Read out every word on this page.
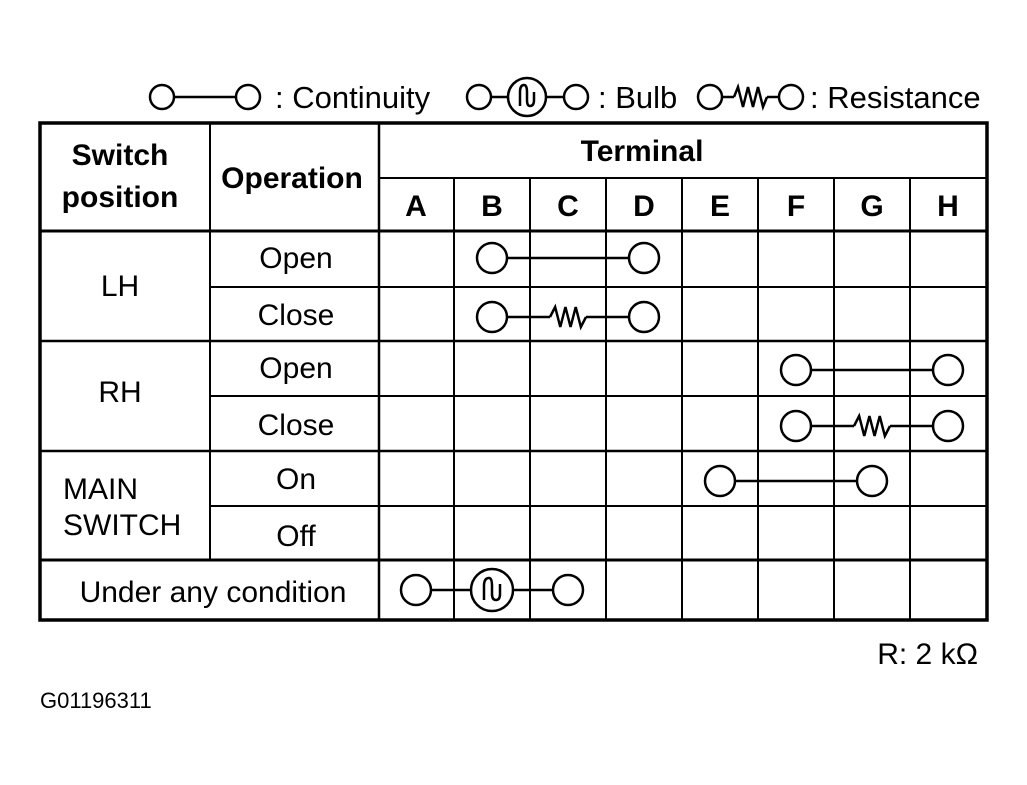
: Continuity	: Bulb	: Resistance
Switch
position
Operation
Terminal
A B C D E F G H
LH
RH
MAIN
SWITCH
Open
Close
Open
Close
On
Off
Under any condition
R: 2 kΩ
G01196311
